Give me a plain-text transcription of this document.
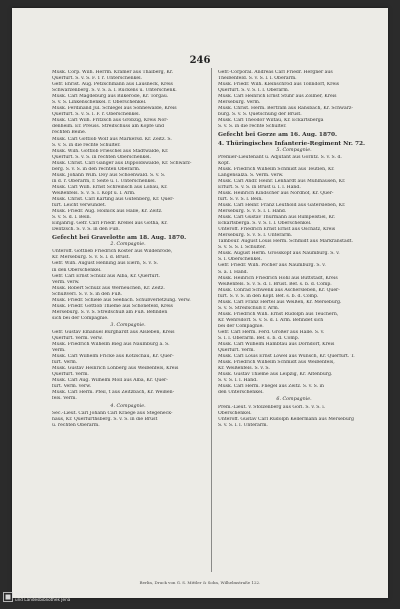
246
Musk. Corp. Wilh. Herrm. Kramer aus Thalberg, Kr.
Querfurt. S. v. S. F. 1 r. Unterschenkel.
Gefr. Ehrist. Aug. Petzschmann aus Lausneck, Kreis
Schwarzenberg. S. v. S. a. l. Rückens u. Unterschenk.
Musk. Carl Magdeburg aus Bilkerode, Kr. Torgau.
S. v. S. Linkenschenkel. r. Oberschenkel.
Musk. Ferdinand Jul. Schlegel aus Sonnewalde, Kreis
Querfurt. S. v. S. l. F. r. Oberschenkel.
Musk. Carl Wilh. Fritzsch aus Gröbzig, Kreis Nor-
denheim. Er. Preuss. Streifschuss am Kopfe und
rechten Beine.
Musk. Carl Gottlob Wolf aus Markersd. Kr. Zeitz. S.
S. v. S. in die rechte Schulter.
Musk. Wilh. Gottlob Frieschel aus Stadtwalde, Kr.
Querfurt. S. v. S. in rechten Oberschenkel.
Musk. Christ. Carl Gänger aus Dippoldswalde, Kr. Schwarz-
berg. S. v. S. in den rechten Oberarm.
Musk. Johann Wilh. Doy aus Schoenwald. S. v. S.
in d. r. Oberarm, r. Seite u. l. Unterschenkel.
Musk. Carl Wilh. Ernst Schreinsch aus Löbau, Kr.
Weißenfels. S. v. S. l. Kopf u. l. Arm.
Musk. Christ. Carl Kärting aus Gutenberg, Kr. Quer-
furt. Leicht verwundet.
Musk. Friedr. Aug. Hoinick aus Halle, Kr. Zeitz.
S. v. S. d. l. Bein.
Einjährig. Gefr. Carl Friedr. Kreßel aus Gotha, Kr.
Delitzsch. S. v. S. in den Fuß.
Gefecht bei Gravelotte am 18. Aug. 1870.
2. Compagnie.
Unteroff. Gottlieb Friedrich Köster aus Wildenrode,
Kr. Merseburg. S. v. S. l. d. Brust.
Gefr. Wilh. August Henning aus Eiern, S. v. S.
in den Oberschenkel.
Gefr. Carl Ernst Schulz aus Alba, Kr. Querfurt.
Verm. verw.
Musk. Robert Schulz aus Werneuchen, Kr. Zeitz.
Schußverl. S. v. S. in den Fuß.
Musk. Friedr. Schiele aus Seebach. Schußverletzung. Verw.
Musk. Friedr. Gottlob Thieme aus Schönefeld, Kreis
Merseburg. S. v. S. Streifschuß am Fuß. Befinden
sich bei der Compagnie.
3. Compagnie.
Gefr. Gustav Emanuel Burghardt aus Alsleben, Kreis
Querfurt. Verm. verw.
Musk. Friedrich Wilhelm Bieg aus Naumburg a. S.
Verm.
Musk. Carl Wilhelm Fricke aus Kötzschau, Kr. Quer-
furt. Verm.
Musk. Gustav Heinrich Lohberg aus Weißenfels, Kreis
Querfurt. Verm.
Musk. Carl Aug. Wilhelm Moll aus Alba, Kr. Quer-
furt. Verm. verw.
Musk. Carl Herm. Pfeil, t aus Zeitzbach, Kr. Weißen-
fels. Verm.
4. Compagnie.
Sec.-Lieut. Carl Johann Carl Kraege aus Stegeneck-
haus, Kr. Querfurthsberg. S. v. S. in die Brust
u. rechten Oberarm.
Gefr.-Corporal. Andreas Carl Friedr. Hergner aus
Theißenfeld. S. v. S. l. l. Oberarm.
Musk. Friedr. Wilh. Kleinschrod aus Tonndorf, Kreis
Querfurt. S. v. S. l. l. Oberarm.
Musk. Carl Heinrich Ernst Stuhr aus Zöllner, Kreis
Merseburg. Verm.
Musk. Christ. Herm. Bertram aus Ransbach, Kr. Schwarz-
burg. S. v. S. Quetschung der Brust.
Musk. Carl Theodor Wiltau, Kr. Eckartsberga
S. v. S. in die rechte Schulter.
Gefecht bei Gorze am 16. Aug. 1870.
4. Thüringisches Infanterie-Regiment Nr. 72.
5. Compagnie.
Premier-Lieutenant u. Adjutant aus Görlitz. S. v. S. d.
Kopf.
Musk. Friedrich Wilhelm Schmidt aus Teutlen, Kr.
Langensalza. S. Verm. verw.
Musk. Carl Andr. Heinr. Lenhardt aus Mühlhausen, Kr.
Erfurt. S. v. S. in Brust u. l. l. Hand.
Musk. Heinrich Kindscher aus Nordhof, Kr. Quer-
furt. S. v. S. l. Bein.
Musk. Carl Heinr. Franz Leuthold aus Gatersleben, Kr.
Merseburg. S. v. S. l. l. Hand.
Musk. Carl Gustav Thürmann aus Rumpelstiel, Kr.
Eckartsberga. S. v. S. l. l. Oberschenkel.
Unteroff. Friedrich Ernst Ernst aus Oschatz, Kreis
Merseburg. S. v. S. l. Unterarm.
Tambour. August Louis Herm. Schmidt aus Markranstädt.
S. v. S. S. l. Schulter.
Musk. August Herm. Grosskopf aus Naumburg. S. v.
S. l. Oberschenkel.
Gefr. Friedr. Wilh. Pocher aus Naumburg. S. v.
S. a. l. Hand.
Musk. Heinrich Friedrich Hohl aus Buttstädt, Kreis
Weißenfels. S. v. S. d. l. Brust. Bef. s. b. d. Comp.
Musk. Conrad Schwenk aus Aschersleben, Kr. Quer-
furt. S. v. S. in den Kopf. Bef. s. b. d. Comp.
Musk. Carl Franz Hertel aus Weißen, Kr. Merseburg.
S. v. S. Streifschuß r. Arm.
Musk. Friedrich Wilh. Ernst Rudolph aus Teuchern,
Kr. Wehrsdorf. S. v. S. d. l. Arm. Befindet sich
bei der Compagnie.
Gefr. Carl Herm. Ferd. Großer aus Halle. S. v.
S. l. l. Oberarm. Bef. s. b. d. Comp.
Musk. Carl Wilhelm Hambtau aus Dorndorf, Kreis
Querfurt. Verm.
Musk. Carl Louis Ernst Löwel aus Wünsch, Kr. Querfurt. T.
Musk. Friedrich Wilhelm Schmidt aus Weißenfels,
Kr. Weißenfels. S. v. S.
Musk. Gustav Thieme aus Leipzig, Kr. Altenburg.
S. v. S. l. l. Hand.
Musk. Carl Herm. Fliegel aus Zeitz. S. v. S. in
den Unterschenkel.
6. Compagnie.
Prem.-Lieut. v. Stolzenberg aus Görl. S. v. S. i.
Oberschenkel.
Unteroff. Gustav Carl Rudolph Kellermann aus Merseburg
S. v. S. l. l. Unterarm.
Berlin, Druck von G. S. Mittler & Sohn, Wilhelmstraße 122.
Thüringer Universitäts-
und Landesbibliothek Jena
